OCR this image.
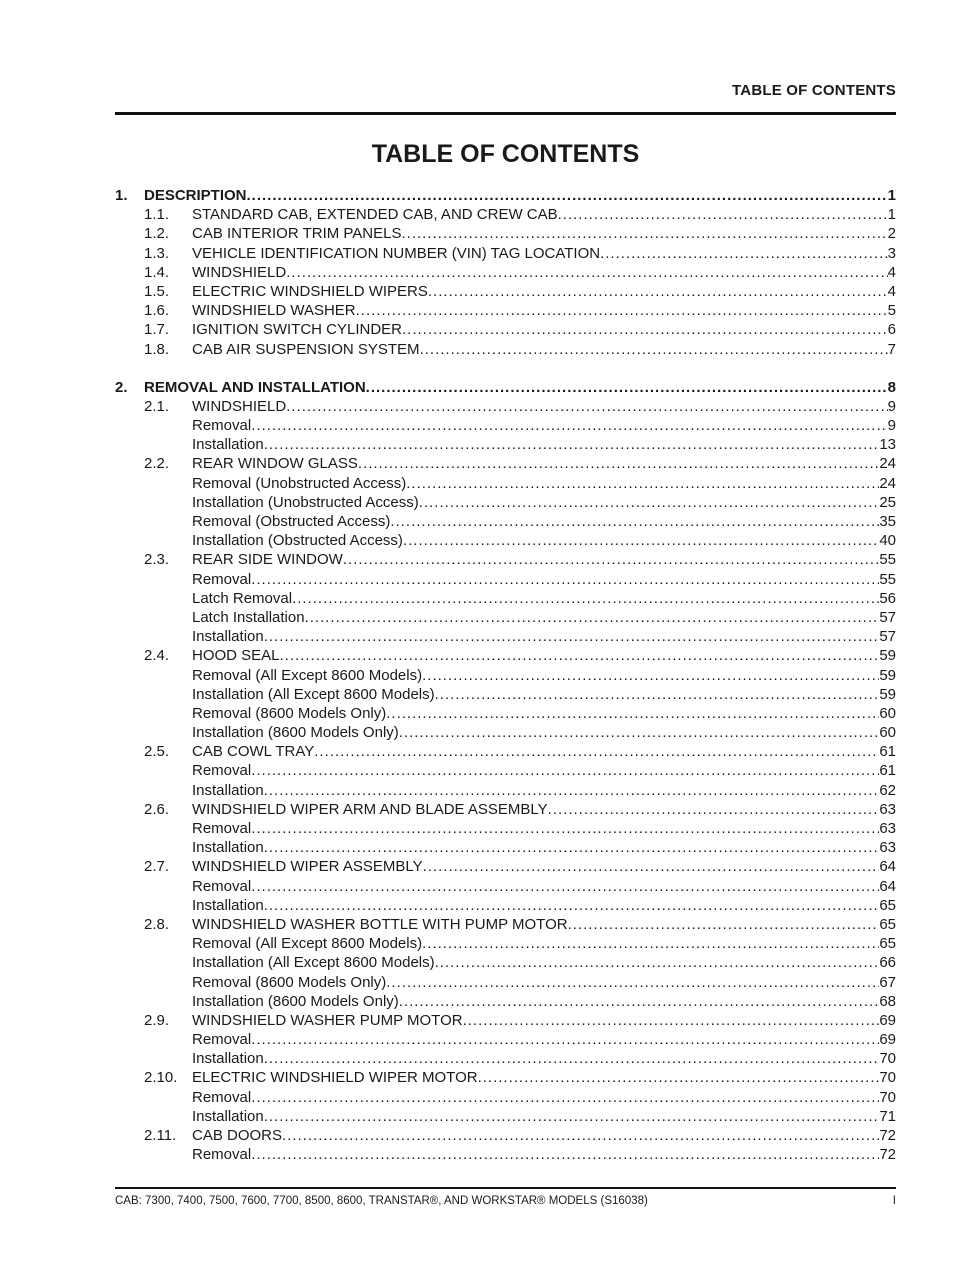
TABLE OF CONTENTS
TABLE OF CONTENTS
1. DESCRIPTION .....	1
1.1. STANDARD CAB, EXTENDED CAB, AND CREW CAB .....	1
1.2. CAB INTERIOR TRIM PANELS .....	2
1.3. VEHICLE IDENTIFICATION NUMBER (VIN) TAG LOCATION .....	3
1.4. WINDSHIELD .....	4
1.5. ELECTRIC WINDSHIELD WIPERS .....	4
1.6. WINDSHIELD WASHER .....	5
1.7. IGNITION SWITCH CYLINDER .....	6
1.8. CAB AIR SUSPENSION SYSTEM .....	7
2. REMOVAL AND INSTALLATION .....	8
2.1. WINDSHIELD .....	9
Removal .....	9
Installation .....	13
2.2. REAR WINDOW GLASS .....	24
Removal (Unobstructed Access) .....	24
Installation (Unobstructed Access) .....	25
Removal (Obstructed Access) .....	35
Installation (Obstructed Access) .....	40
2.3. REAR SIDE WINDOW .....	55
Removal .....	55
Latch Removal .....	56
Latch Installation .....	57
Installation .....	57
2.4. HOOD SEAL .....	59
Removal (All Except 8600 Models) .....	59
Installation (All Except 8600 Models) .....	59
Removal (8600 Models Only) .....	60
Installation (8600 Models Only) .....	60
2.5. CAB COWL TRAY .....	61
Removal .....	61
Installation .....	62
2.6. WINDSHIELD WIPER ARM AND BLADE ASSEMBLY .....	63
Removal .....	63
Installation .....	63
2.7. WINDSHIELD WIPER ASSEMBLY .....	64
Removal .....	64
Installation .....	65
2.8. WINDSHIELD WASHER BOTTLE WITH PUMP MOTOR .....	65
Removal (All Except 8600 Models) .....	65
Installation (All Except 8600 Models) .....	66
Removal (8600 Models Only) .....	67
Installation (8600 Models Only) .....	68
2.9. WINDSHIELD WASHER PUMP MOTOR .....	69
Removal .....	69
Installation .....	70
2.10. ELECTRIC WINDSHIELD WIPER MOTOR .....	70
Removal .....	70
Installation .....	71
2.11. CAB DOORS .....	72
Removal .....	72
CAB: 7300, 7400, 7500, 7600, 7700, 8500, 8600, TRANSTAR®, AND WORKSTAR® MODELS (S16038)	I
